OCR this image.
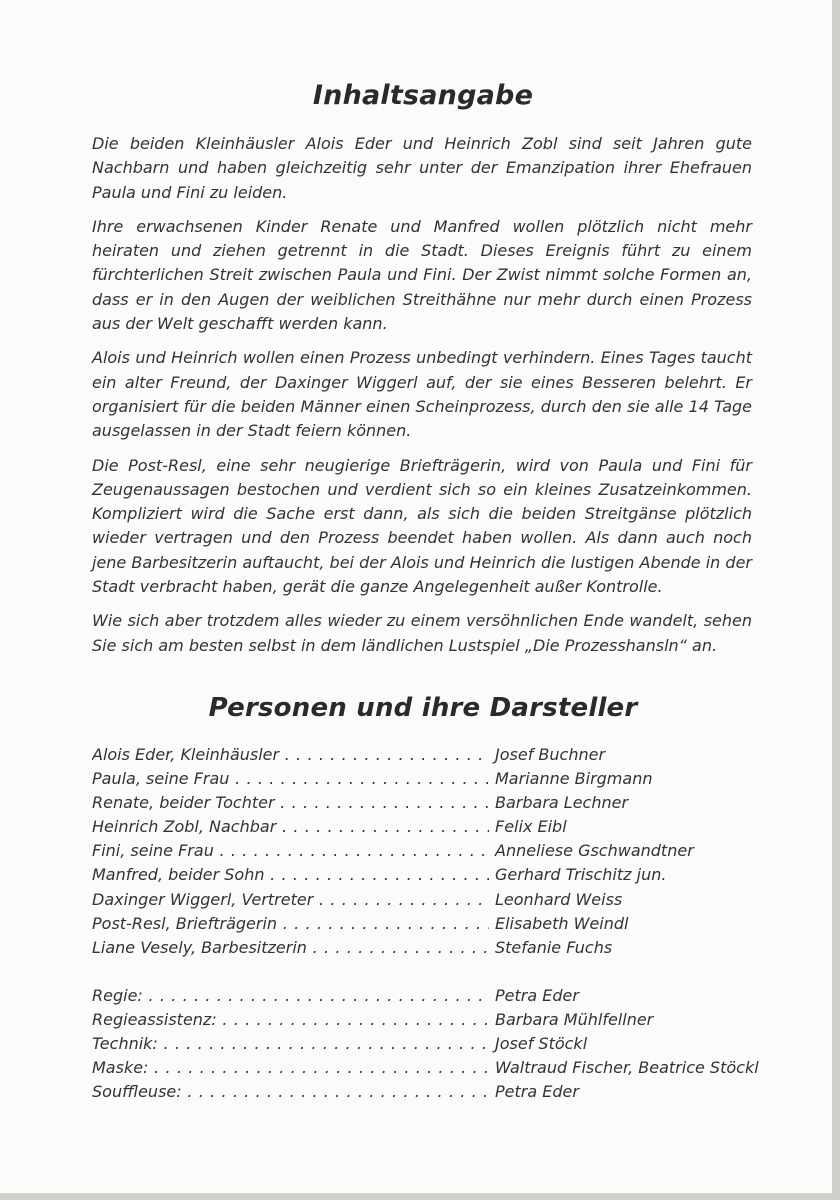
Inhaltsangabe

Die beiden Kleinhäusler Alois Eder und Heinrich Zobl sind seit Jahren gute Nachbarn und haben gleichzeitig sehr unter der Emanzipation ihrer Ehefrauen Paula und Fini zu leiden.

Ihre erwachsenen Kinder Renate und Manfred wollen plötzlich nicht mehr heiraten und ziehen getrennt in die Stadt. Dieses Ereignis führt zu einem fürchterlichen Streit zwischen Paula und Fini. Der Zwist nimmt solche Formen an, dass er in den Augen der weiblichen Streithähne nur mehr durch einen Prozess aus der Welt geschafft werden kann.

Alois und Heinrich wollen einen Prozess unbedingt verhindern. Eines Tages taucht ein alter Freund, der Daxinger Wiggerl auf, der sie eines Besseren belehrt. Er organisiert für die beiden Männer einen Scheinprozess, durch den sie alle 14 Tage ausgelassen in der Stadt feiern können.

Die Post-Resl, eine sehr neugierige Briefträgerin, wird von Paula und Fini für Zeugenaussagen bestochen und verdient sich so ein kleines Zusatzeinkommen. Kompliziert wird die Sache erst dann, als sich die beiden Streitgänse plötzlich wieder vertragen und den Prozess beendet haben wollen. Als dann auch noch jene Barbesitzerin auftaucht, bei der Alois und Heinrich die lustigen Abende in der Stadt verbracht haben, gerät die ganze Angelegenheit außer Kontrolle.

Wie sich aber trotzdem alles wieder zu einem versöhnlichen Ende wandelt, sehen Sie sich am besten selbst in dem ländlichen Lustspiel „Die Prozesshansln“ an.

Personen und ihre Darsteller
Alois Eder, Kleinhäusler . . .	Josef Buchner
Paula, seine Frau . . .	Marianne Birgmann
Renate, beider Tochter . . .	Barbara Lechner
Heinrich Zobl, Nachbar . . .	Felix Eibl
Fini, seine Frau . . .	Anneliese Gschwandtner
Manfred, beider Sohn . . .	Gerhard Trischitz jun.
Daxinger Wiggerl, Vertreter . . .	Leonhard Weiss
Post-Resl, Briefträgerin . . .	Elisabeth Weindl
Liane Vesely, Barbesitzerin . . .	Stefanie Fuchs
Regie: . . .	Petra Eder
Regieassistenz: . . .	Barbara Mühlfellner
Technik: . . .	Josef Stöckl
Maske: . . .	Waltraud Fischer, Beatrice Stöckl
Souffleuse: . . .	Petra Eder
